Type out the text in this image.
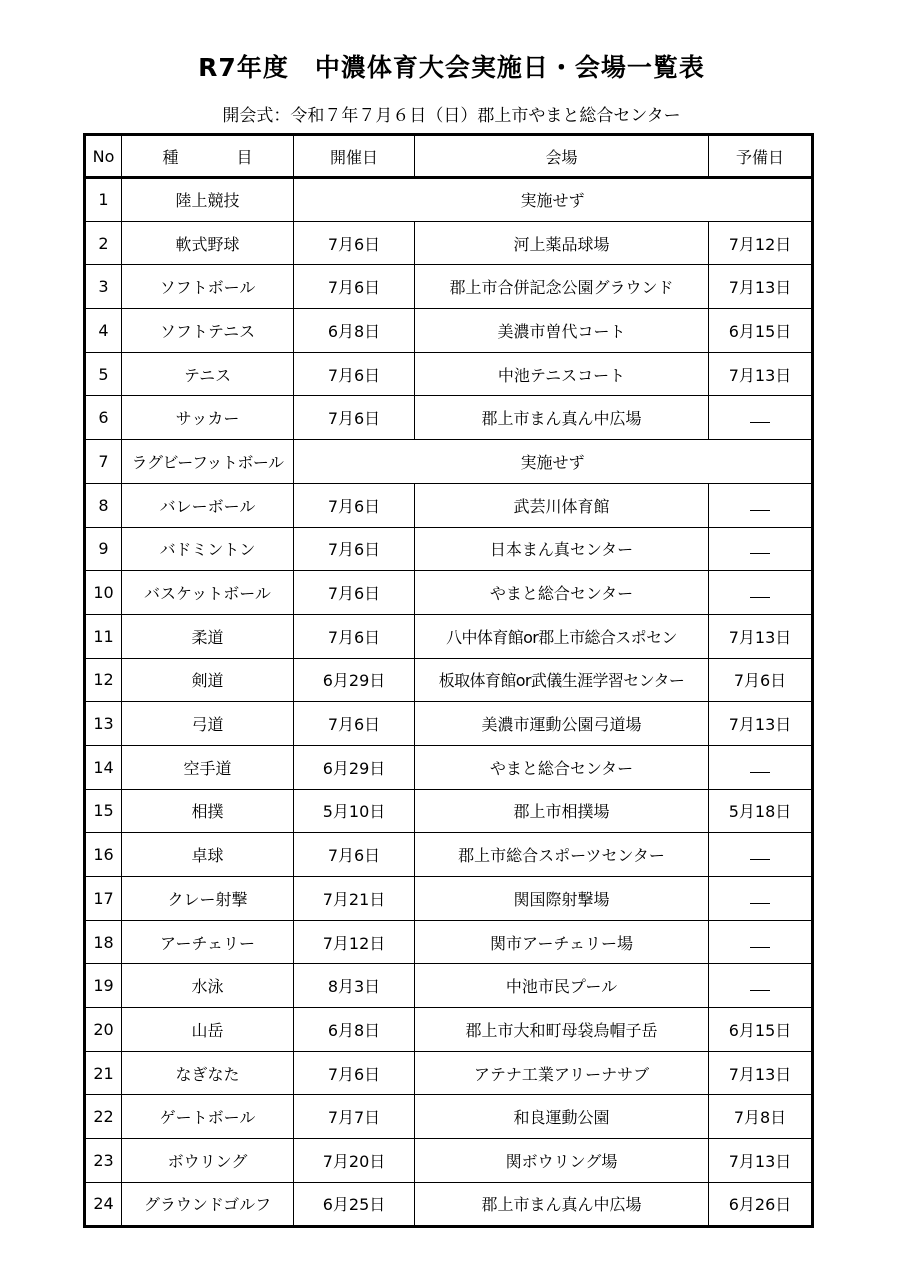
R7年度　中濃体育大会実施日・会場一覧表
開会式：令和７年７月６日（日）郡上市やまと総合センター
No	種 目	開催日	会場	予備日
1	陸上競技	実施せず		
2	軟式野球	7月6日	河上薬品球場	7月12日
3	ソフトボール	7月6日	郡上市合併記念公園グラウンド	7月13日
4	ソフトテニス	6月8日	美濃市曽代コート	6月15日
5	テニス	7月6日	中池テニスコート	7月13日
6	サッカー	7月6日	郡上市まん真ん中広場	
7	ラグビーフットボール	実施せず		
8	バレーボール	7月6日	武芸川体育館	
9	バドミントン	7月6日	日本まん真センター	
10	バスケットボール	7月6日	やまと総合センター	
11	柔道	7月6日	八中体育館or郡上市総合スポセン	7月13日
12	剣道	6月29日	板取体育館or武儀生涯学習センター	7月6日
13	弓道	7月6日	美濃市運動公園弓道場	7月13日
14	空手道	6月29日	やまと総合センター	
15	相撲	5月10日	郡上市相撲場	5月18日
16	卓球	7月6日	郡上市総合スポーツセンター	
17	クレー射撃	7月21日	関国際射撃場	
18	アーチェリー	7月12日	関市アーチェリー場	
19	水泳	8月3日	中池市民プール	
20	山岳	6月8日	郡上市大和町母袋烏帽子岳	6月15日
21	なぎなた	7月6日	アテナ工業アリーナサブ	7月13日
22	ゲートボール	7月7日	和良運動公園	7月8日
23	ボウリング	7月20日	関ボウリング場	7月13日
24	グラウンドゴルフ	6月25日	郡上市まん真ん中広場	6月26日
